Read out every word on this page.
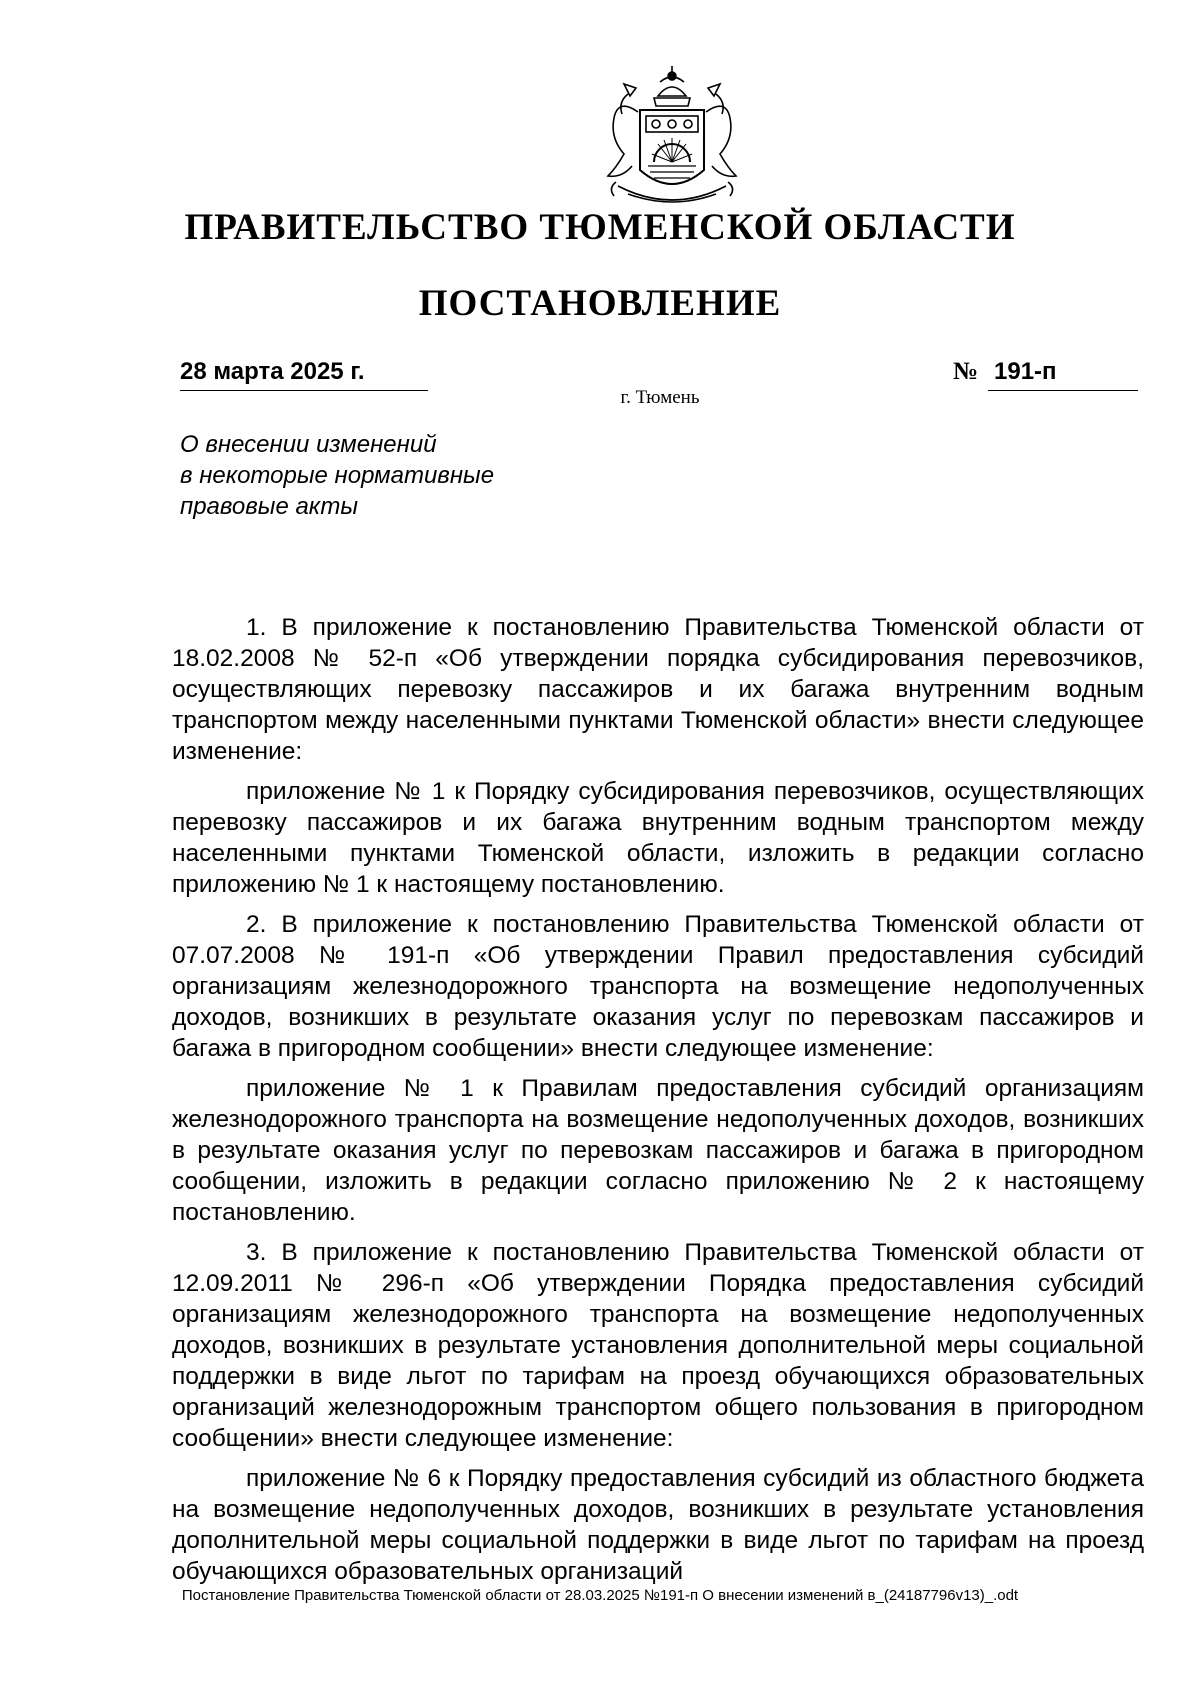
ПРАВИТЕЛЬСТВО ТЮМЕНСКОЙ ОБЛАСТИ
ПОСТАНОВЛЕНИЕ
28 марта 2025 г.	№ 191-п
г. Тюмень
О внесении изменений
в некоторые нормативные
правовые акты

1. В приложение к постановлению Правительства Тюменской области от 18.02.2008 № 52-п «Об утверждении порядка субсидирования перевозчиков, осуществляющих перевозку пассажиров и их багажа внутренним водным транспортом между населенными пунктами Тюменской области» внести следующее изменение:

приложение № 1 к Порядку субсидирования перевозчиков, осуществляющих перевозку пассажиров и их багажа внутренним водным транспортом между населенными пунктами Тюменской области, изложить в редакции согласно приложению № 1 к настоящему постановлению.

2. В приложение к постановлению Правительства Тюменской области от 07.07.2008 № 191-п «Об утверждении Правил предоставления субсидий организациям железнодорожного транспорта на возмещение недополученных доходов, возникших в результате оказания услуг по перевозкам пассажиров и багажа в пригородном сообщении» внести следующее изменение:

приложение № 1 к Правилам предоставления субсидий организациям железнодорожного транспорта на возмещение недополученных доходов, возникших в результате оказания услуг по перевозкам пассажиров и багажа в пригородном сообщении, изложить в редакции согласно приложению № 2 к настоящему постановлению.

3. В приложение к постановлению Правительства Тюменской области от 12.09.2011 № 296-п «Об утверждении Порядка предоставления субсидий организациям железнодорожного транспорта на возмещение недополученных доходов, возникших в результате установления дополнительной меры социальной поддержки в виде льгот по тарифам на проезд обучающихся образовательных организаций железнодорожным транспортом общего пользования в пригородном сообщении» внести следующее изменение:

приложение № 6 к Порядку предоставления субсидий из областного бюджета на возмещение недополученных доходов, возникших в результате установления дополнительной меры социальной поддержки в виде льгот по тарифам на проезд обучающихся образовательных организаций

Постановление Правительства Тюменской области от 28.03.2025 №191-п О внесении изменений в_(24187796v13)_.odt
